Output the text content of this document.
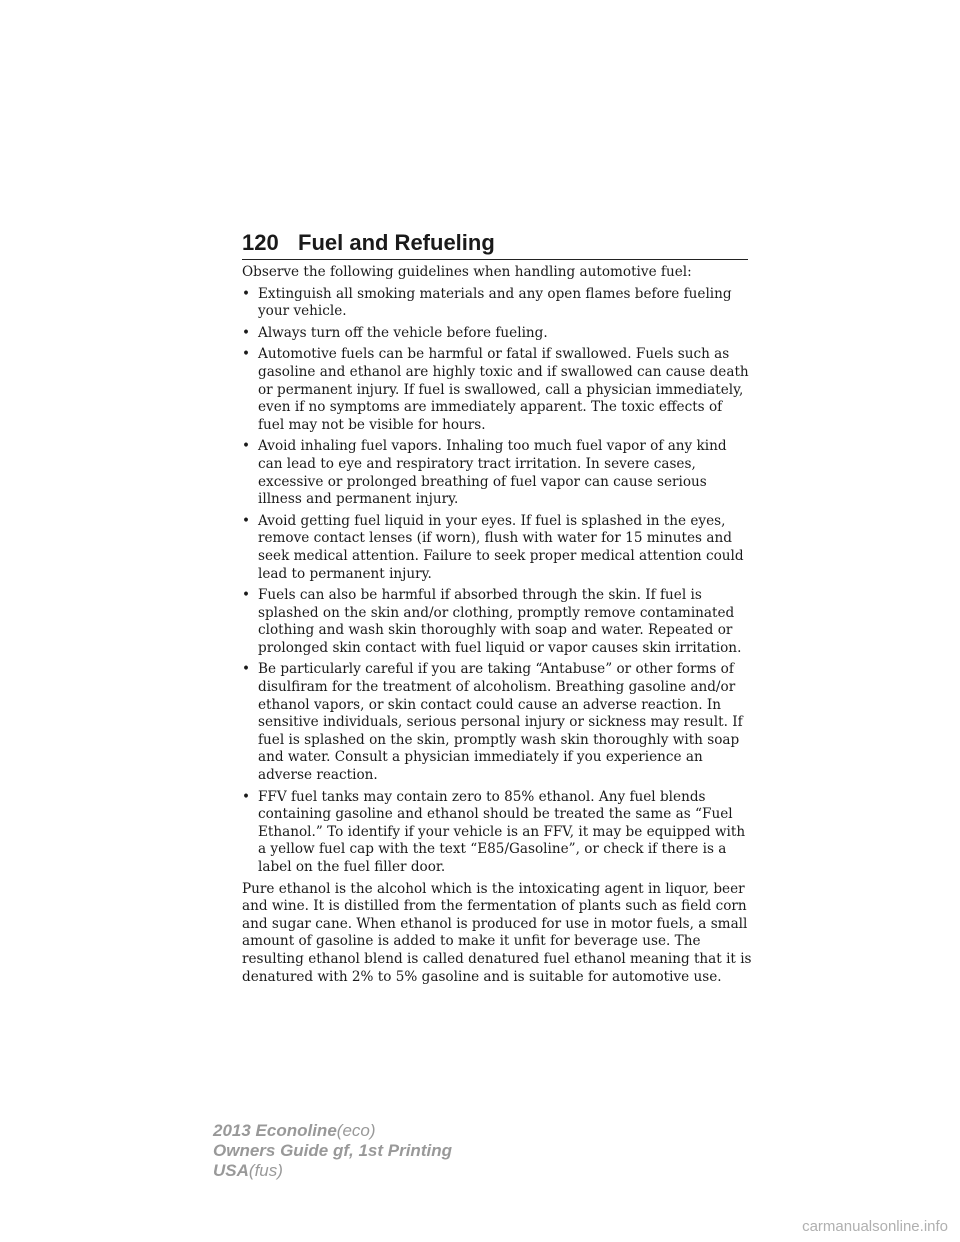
120 Fuel and Refueling

Observe the following guidelines when handling automotive fuel:

• Extinguish all smoking materials and any open flames before fueling your vehicle.
• Always turn off the vehicle before fueling.
• Automotive fuels can be harmful or fatal if swallowed. Fuels such as gasoline and ethanol are highly toxic and if swallowed can cause death or permanent injury. If fuel is swallowed, call a physician immediately, even if no symptoms are immediately apparent. The toxic effects of fuel may not be visible for hours.
• Avoid inhaling fuel vapors. Inhaling too much fuel vapor of any kind can lead to eye and respiratory tract irritation. In severe cases, excessive or prolonged breathing of fuel vapor can cause serious illness and permanent injury.
• Avoid getting fuel liquid in your eyes. If fuel is splashed in the eyes, remove contact lenses (if worn), flush with water for 15 minutes and seek medical attention. Failure to seek proper medical attention could lead to permanent injury.
• Fuels can also be harmful if absorbed through the skin. If fuel is splashed on the skin and/or clothing, promptly remove contaminated clothing and wash skin thoroughly with soap and water. Repeated or prolonged skin contact with fuel liquid or vapor causes skin irritation.
• Be particularly careful if you are taking “Antabuse” or other forms of disulfiram for the treatment of alcoholism. Breathing gasoline and/or ethanol vapors, or skin contact could cause an adverse reaction. In sensitive individuals, serious personal injury or sickness may result. If fuel is splashed on the skin, promptly wash skin thoroughly with soap and water. Consult a physician immediately if you experience an adverse reaction.
• FFV fuel tanks may contain zero to 85% ethanol. Any fuel blends containing gasoline and ethanol should be treated the same as “Fuel Ethanol.” To identify if your vehicle is an FFV, it may be equipped with a yellow fuel cap with the text “E85/Gasoline”, or check if there is a label on the fuel filler door.

Pure ethanol is the alcohol which is the intoxicating agent in liquor, beer and wine. It is distilled from the fermentation of plants such as field corn and sugar cane. When ethanol is produced for use in motor fuels, a small amount of gasoline is added to make it unfit for beverage use. The resulting ethanol blend is called denatured fuel ethanol meaning that it is denatured with 2% to 5% gasoline and is suitable for automotive use.

2013 Econoline(eco)
Owners Guide gf, 1st Printing
USA(fus)
carmanualsonline.info
